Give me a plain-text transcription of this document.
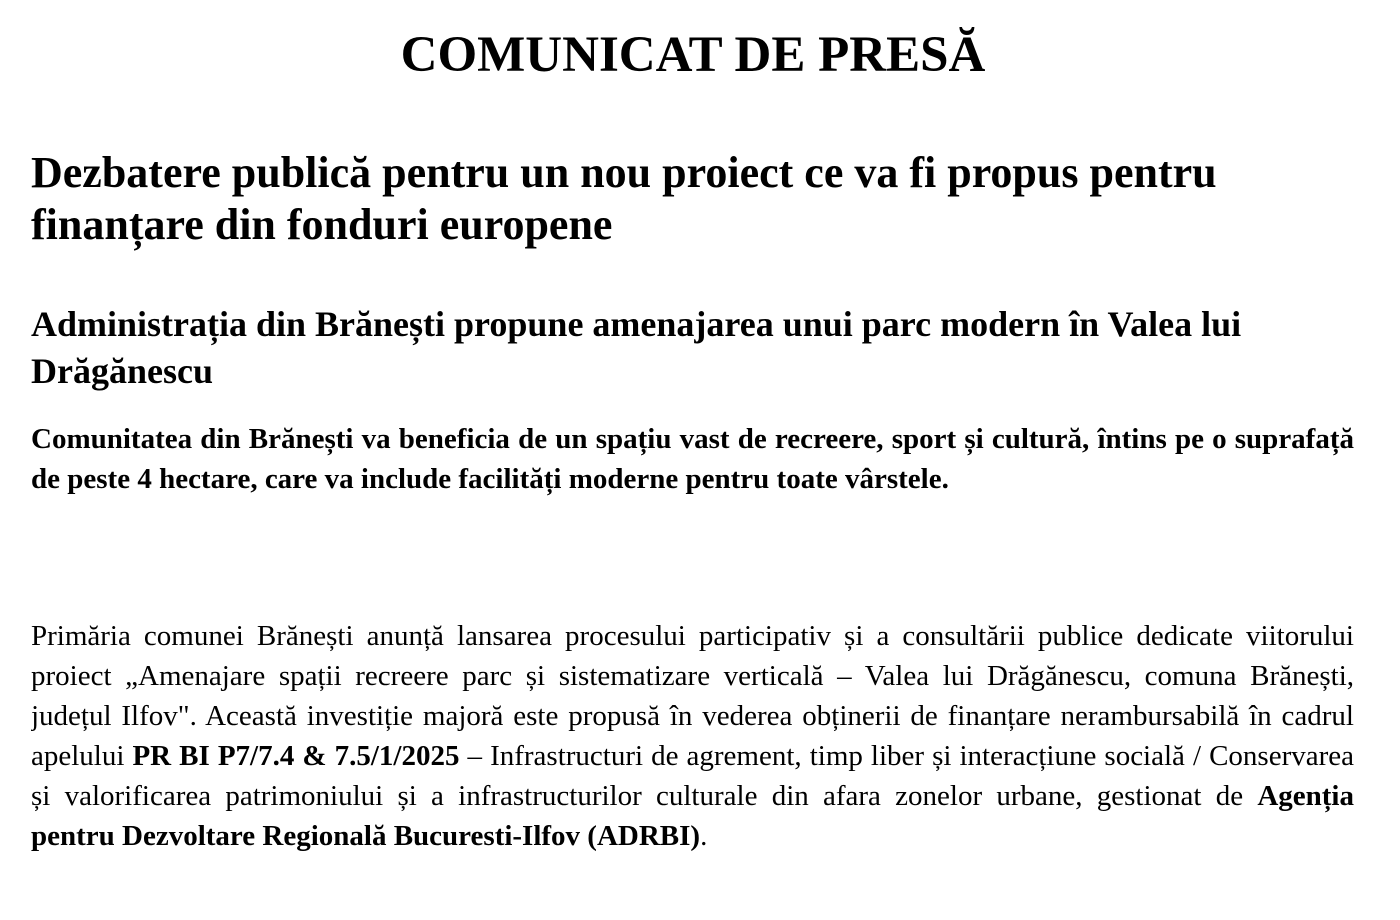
COMUNICAT DE PRESĂ
Dezbatere publică pentru un nou proiect ce va fi propus pentru finanțare din fonduri europene
Administrația din Brănești propune amenajarea unui parc modern în Valea lui Drăgănescu

Comunitatea din Brănești va beneficia de un spațiu vast de recreere, sport și cultură, întins pe o suprafață de peste 4 hectare, care va include facilități moderne pentru toate vârstele.

Primăria comunei Brănești anunță lansarea procesului participativ și a consultării publice dedicate viitorului proiect „Amenajare spații recreere parc și sistematizare verticală – Valea lui Drăgănescu, comuna Brănești, județul Ilfov". Această investiție majoră este propusă în vederea obținerii de finanțare nerambursabilă în cadrul apelului PR BI P7/7.4 & 7.5/1/2025 – Infrastructuri de agrement, timp liber și interacțiune socială / Conservarea și valorificarea patrimoniului și a infrastructurilor culturale din afara zonelor urbane, gestionat de Agenția pentru Dezvoltare Regională Bucuresti-Ilfov (ADRBI).
